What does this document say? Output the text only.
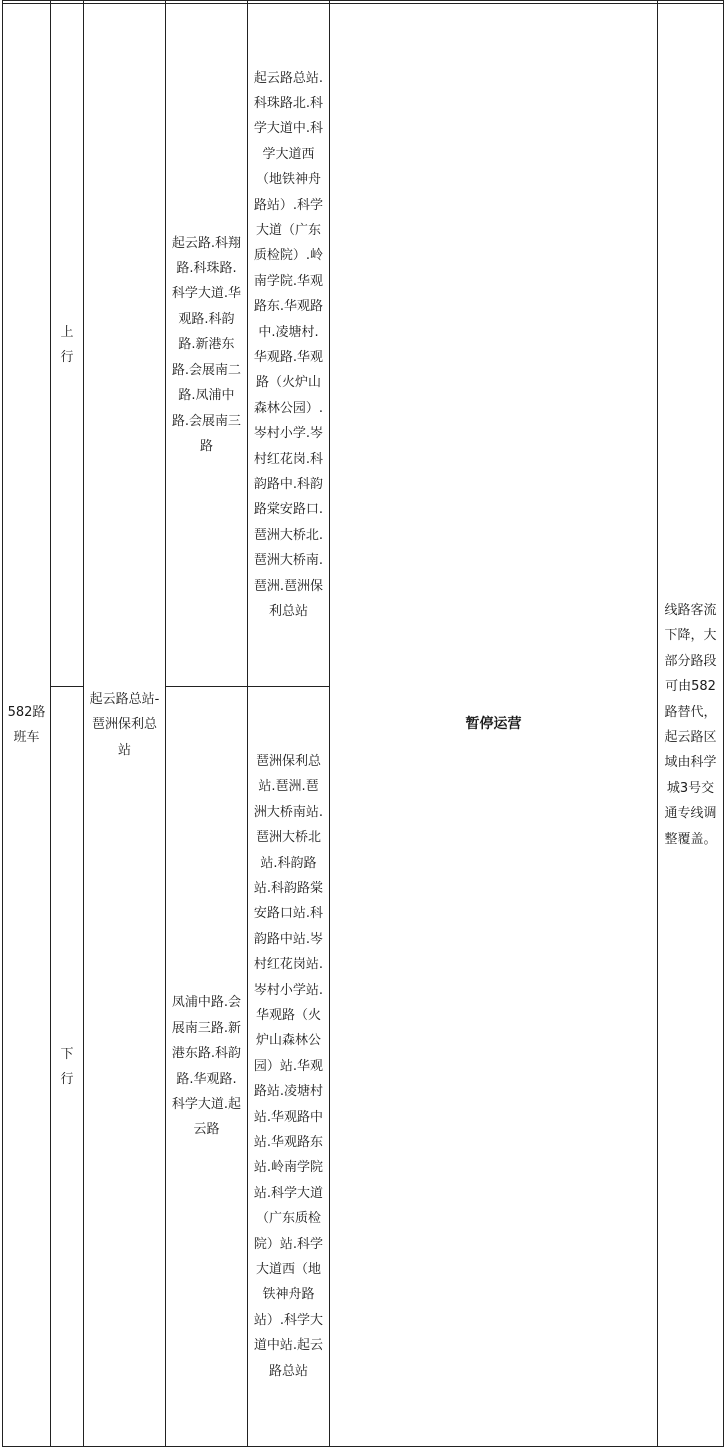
582路班车	上行	起云路总站-琶洲保利总站	起云路.科翔路.科珠路.科学大道.华观路.科韵路.新港东路.会展南二路.凤浦中路.会展南三路	起云路总站.科珠路北.科学大道中.科学大道西（地铁神舟路站）.科学大道（广东质检院）.岭南学院.华观路东.华观路中.凌塘村.华观路.华观路（火炉山森林公园）.岑村小学.岑村红花岗.科韵路中.科韵路棠安路口.琶洲大桥北.琶洲大桥南.琶洲.琶洲保利总站	暂停运营	线路客流下降，大部分路段可由582路替代，起云路区域由科学城3号交通专线调整覆盖。
	下行		凤浦中路.会展南三路.新港东路.科韵路.华观路.科学大道.起云路	琶洲保利总站.琶洲.琶洲大桥南站.琶洲大桥北站.科韵路站.科韵路棠安路口站.科韵路中站.岑村红花岗站.岑村小学站.华观路（火炉山森林公园）站.华观路站.凌塘村站.华观路中站.华观路东站.岭南学院站.科学大道（广东质检院）站.科学大道西（地铁神舟路站）.科学大道中站.起云路总站		
